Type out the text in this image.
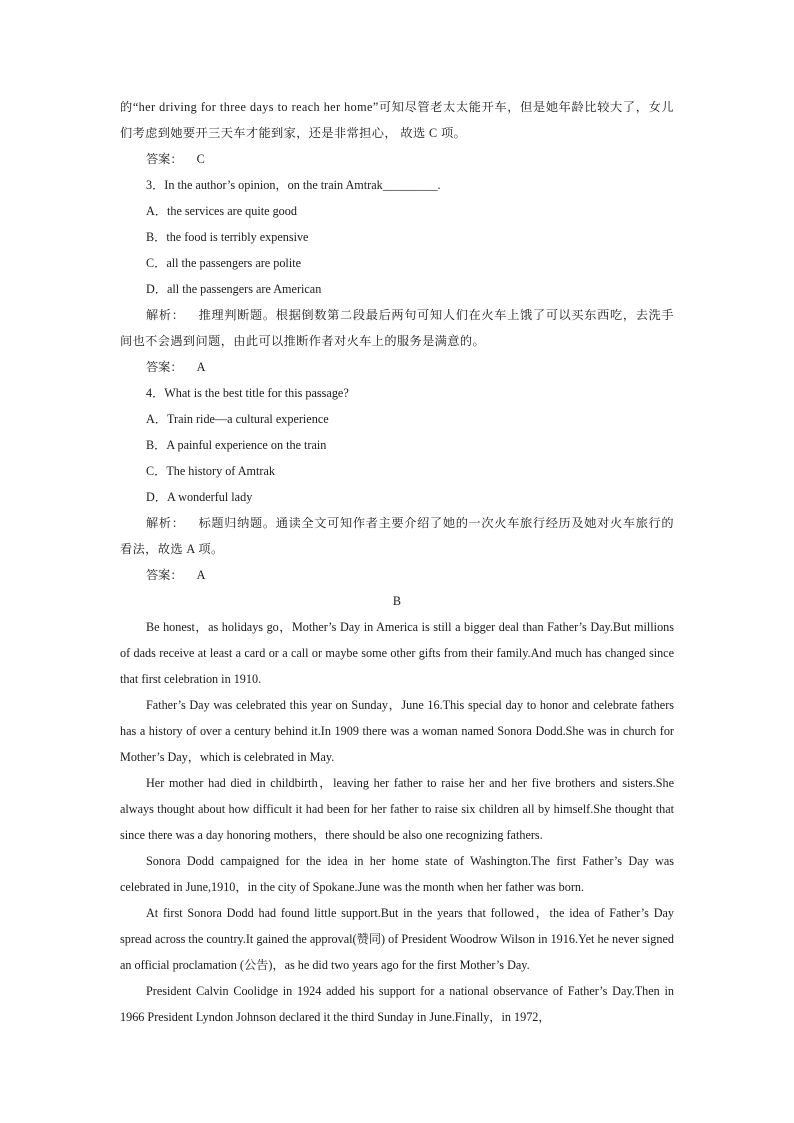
的“her driving for three days to reach her home”可知尽管老太太能开车，但是她年龄比较大了，女儿们考虑到她要开三天车才能到家，还是非常担心， 故选 C 项。

答案： C

3．In the author’s opinion，on the train Amtrak_________.

A．the services are quite good

B．the food is terribly expensive

C．all the passengers are polite

D．all the passengers are American

解析： 推理判断题。根据倒数第二段最后两句可知人们在火车上饿了可以买东西吃，去洗手间也不会遇到问题，由此可以推断作者对火车上的服务是满意的。

答案： A

4．What is the best title for this passage?

A．Train ride—a cultural experience

B．A painful experience on the train

C．The history of Amtrak

D．A wonderful lady

解析： 标题归纳题。通读全文可知作者主要介绍了她的一次火车旅行经历及她对火车旅行的看法，故选 A 项。

答案： A

B

Be honest，as holidays go，Mother’s Day in America is still a bigger deal than Father’s Day.But millions of dads receive at least a card or a call or maybe some other gifts from their family.And much has changed since that first celebration in 1910.

Father’s Day was celebrated this year on Sunday，June 16.This special day to honor and celebrate fathers has a history of over a century behind it.In 1909 there was a woman named Sonora Dodd.She was in church for Mother’s Day，which is celebrated in May.

Her mother had died in childbirth，leaving her father to raise her and her five brothers and sisters.She always thought about how difficult it had been for her father to raise six children all by himself.She thought that since there was a day honoring mothers，there should be also one recognizing fathers.

Sonora Dodd campaigned for the idea in her home state of Washington.The first Father’s Day was celebrated in June,1910，in the city of Spokane.June was the month when her father was born.

At first Sonora Dodd had found little support.But in the years that followed，the idea of Father’s Day spread across the country.It gained the approval(赞同) of President Woodrow Wilson in 1916.Yet he never signed an official proclamation (公告)，as he did two years ago for the first Mother’s Day.

President Calvin Coolidge in 1924 added his support for a national observance of Father’s Day.Then in 1966 President Lyndon Johnson declared it the third Sunday in June.Finally，in 1972，
